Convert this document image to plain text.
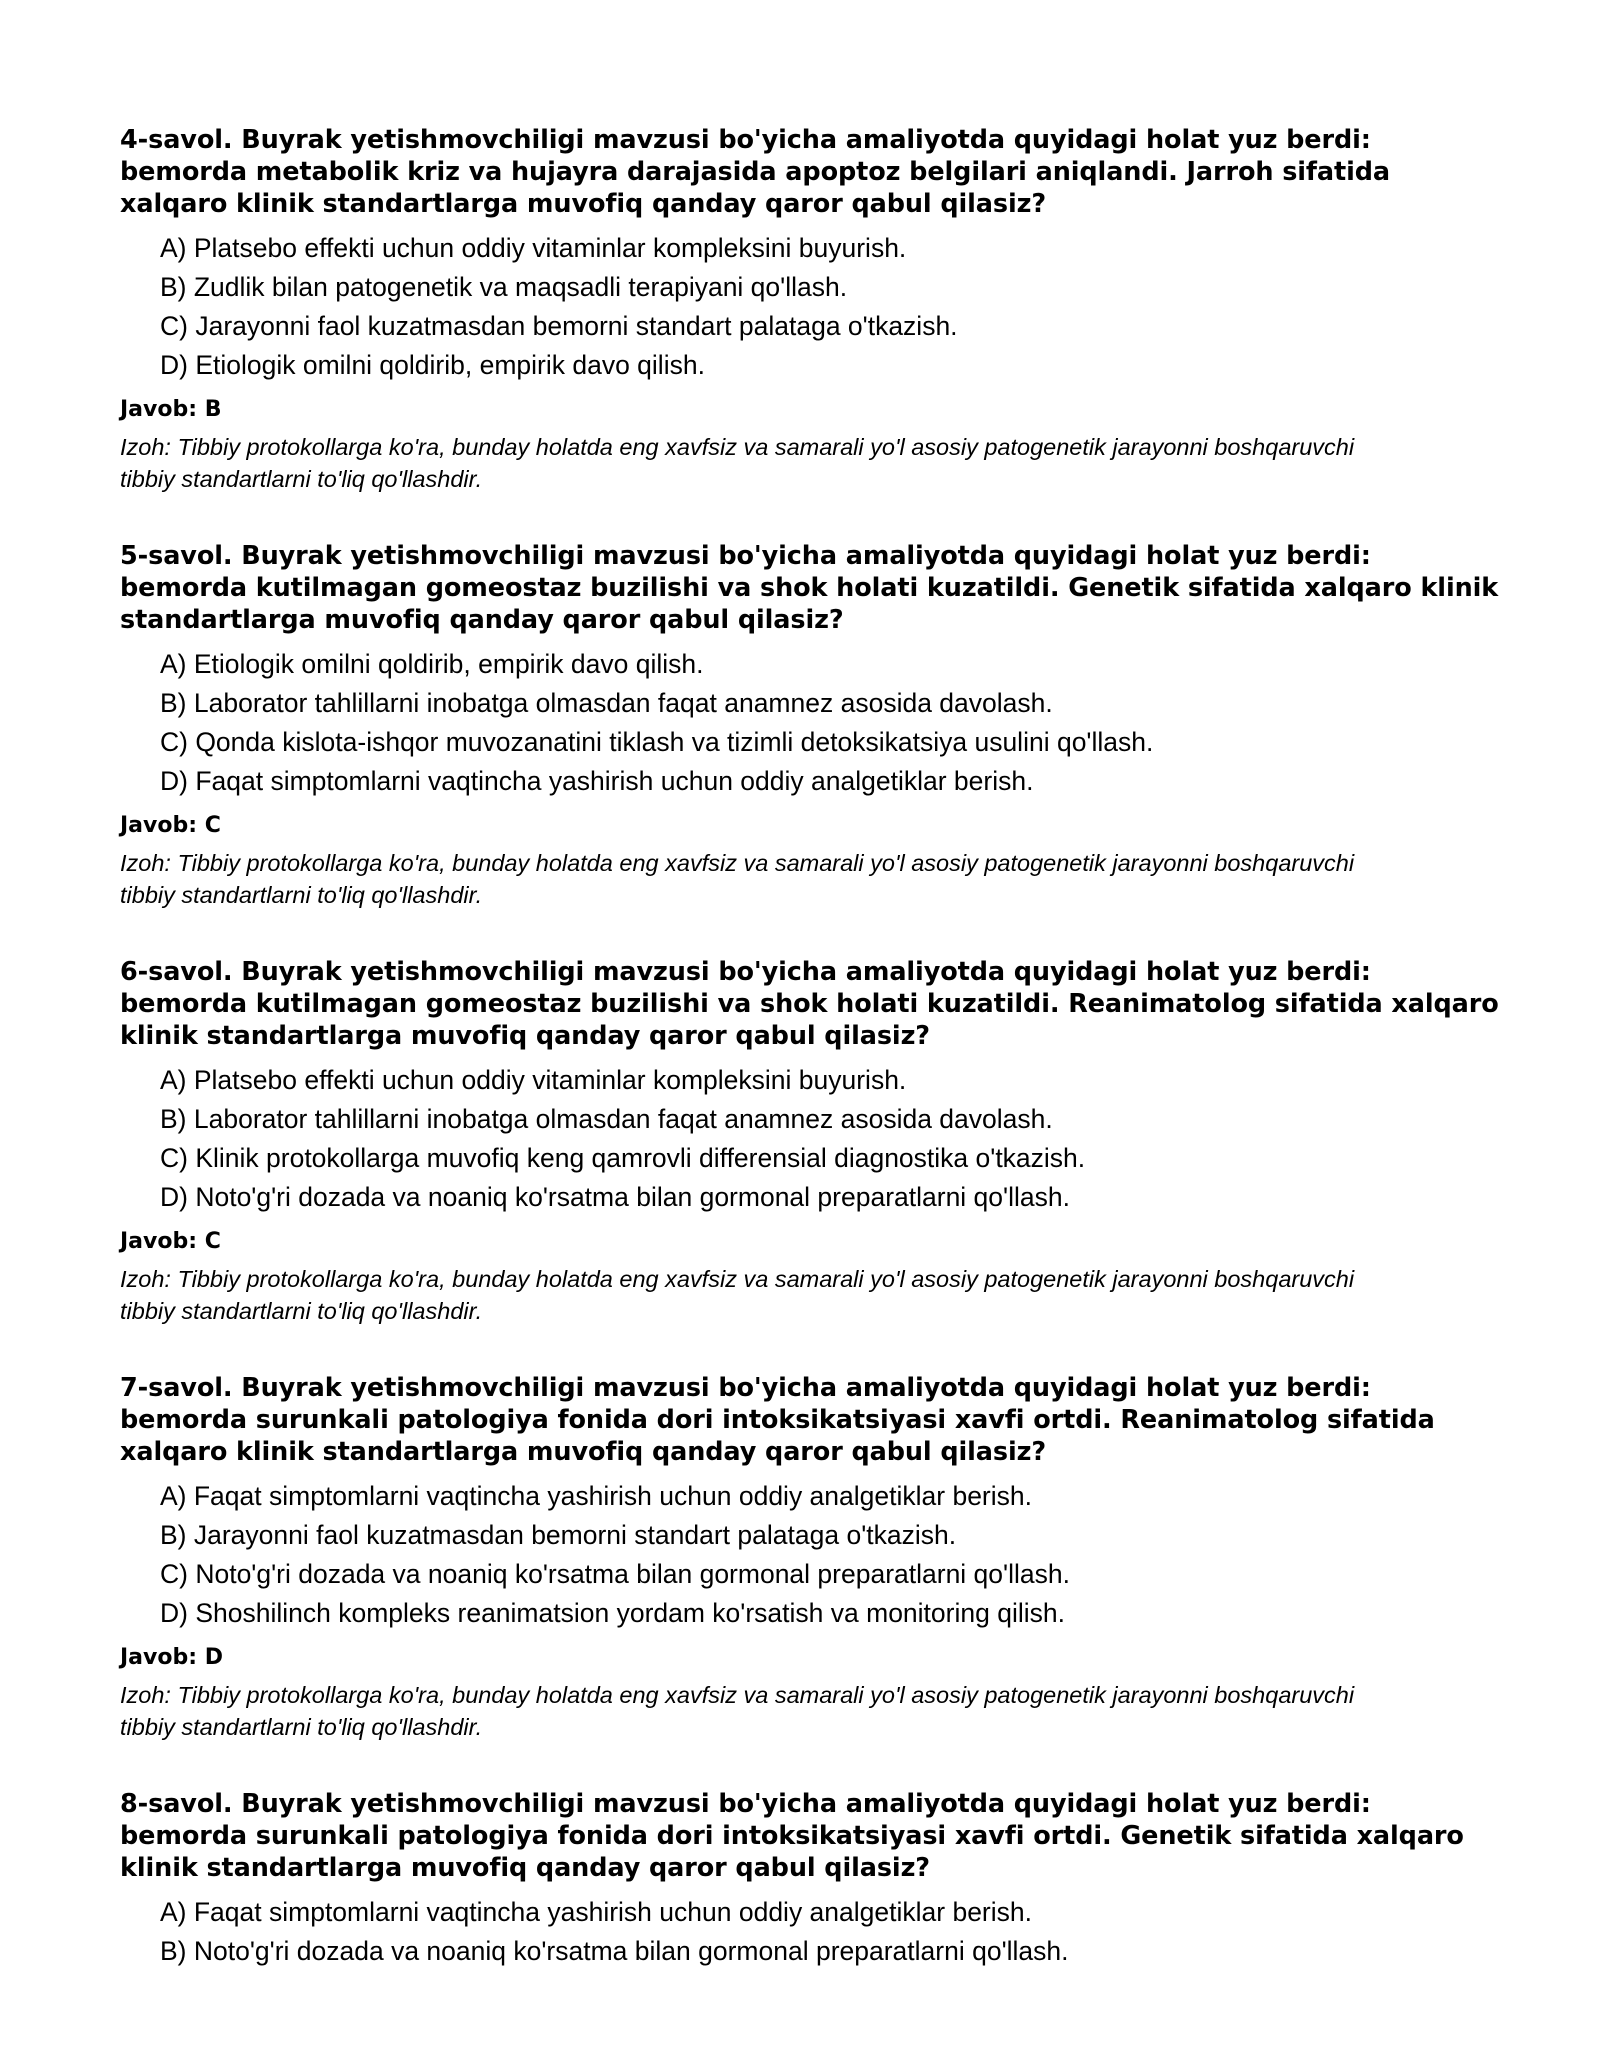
4-savol. Buyrak yetishmovchiligi mavzusi bo'yicha amaliyotda quyidagi holat yuz berdi: bemorda metabolik kriz va hujayra darajasida apoptoz belgilari aniqlandi. Jarroh sifatida xalqaro klinik standartlarga muvofiq qanday qaror qabul qilasiz?

A) Platsebo effekti uchun oddiy vitaminlar kompleksini buyurish.
B) Zudlik bilan patogenetik va maqsadli terapiyani qo'llash.
C) Jarayonni faol kuzatmasdan bemorni standart palataga o'tkazish.
D) Etiologik omilni qoldirib, empirik davo qilish.

Javob: B

Izoh: Tibbiy protokollarga ko'ra, bunday holatda eng xavfsiz va samarali yo'l asosiy patogenetik jarayonni boshqaruvchi tibbiy standartlarni to'liq qo'llashdir.

5-savol. Buyrak yetishmovchiligi mavzusi bo'yicha amaliyotda quyidagi holat yuz berdi: bemorda kutilmagan gomeostaz buzilishi va shok holati kuzatildi. Genetik sifatida xalqaro klinik standartlarga muvofiq qanday qaror qabul qilasiz?

A) Etiologik omilni qoldirib, empirik davo qilish.
B) Laborator tahlillarni inobatga olmasdan faqat anamnez asosida davolash.
C) Qonda kislota-ishqor muvozanatini tiklash va tizimli detoksikatsiya usulini qo'llash.
D) Faqat simptomlarni vaqtincha yashirish uchun oddiy analgetiklar berish.

Javob: C

Izoh: Tibbiy protokollarga ko'ra, bunday holatda eng xavfsiz va samarali yo'l asosiy patogenetik jarayonni boshqaruvchi tibbiy standartlarni to'liq qo'llashdir.

6-savol. Buyrak yetishmovchiligi mavzusi bo'yicha amaliyotda quyidagi holat yuz berdi: bemorda kutilmagan gomeostaz buzilishi va shok holati kuzatildi. Reanimatolog sifatida xalqaro klinik standartlarga muvofiq qanday qaror qabul qilasiz?

A) Platsebo effekti uchun oddiy vitaminlar kompleksini buyurish.
B) Laborator tahlillarni inobatga olmasdan faqat anamnez asosida davolash.
C) Klinik protokollarga muvofiq keng qamrovli differensial diagnostika o'tkazish.
D) Noto'g'ri dozada va noaniq ko'rsatma bilan gormonal preparatlarni qo'llash.

Javob: C

Izoh: Tibbiy protokollarga ko'ra, bunday holatda eng xavfsiz va samarali yo'l asosiy patogenetik jarayonni boshqaruvchi tibbiy standartlarni to'liq qo'llashdir.

7-savol. Buyrak yetishmovchiligi mavzusi bo'yicha amaliyotda quyidagi holat yuz berdi: bemorda surunkali patologiya fonida dori intoksikatsiyasi xavfi ortdi. Reanimatolog sifatida xalqaro klinik standartlarga muvofiq qanday qaror qabul qilasiz?

A) Faqat simptomlarni vaqtincha yashirish uchun oddiy analgetiklar berish.
B) Jarayonni faol kuzatmasdan bemorni standart palataga o'tkazish.
C) Noto'g'ri dozada va noaniq ko'rsatma bilan gormonal preparatlarni qo'llash.
D) Shoshilinch kompleks reanimatsion yordam ko'rsatish va monitoring qilish.

Javob: D

Izoh: Tibbiy protokollarga ko'ra, bunday holatda eng xavfsiz va samarali yo'l asosiy patogenetik jarayonni boshqaruvchi tibbiy standartlarni to'liq qo'llashdir.

8-savol. Buyrak yetishmovchiligi mavzusi bo'yicha amaliyotda quyidagi holat yuz berdi: bemorda surunkali patologiya fonida dori intoksikatsiyasi xavfi ortdi. Genetik sifatida xalqaro klinik standartlarga muvofiq qanday qaror qabul qilasiz?

A) Faqat simptomlarni vaqtincha yashirish uchun oddiy analgetiklar berish.
B) Noto'g'ri dozada va noaniq ko'rsatma bilan gormonal preparatlarni qo'llash.
